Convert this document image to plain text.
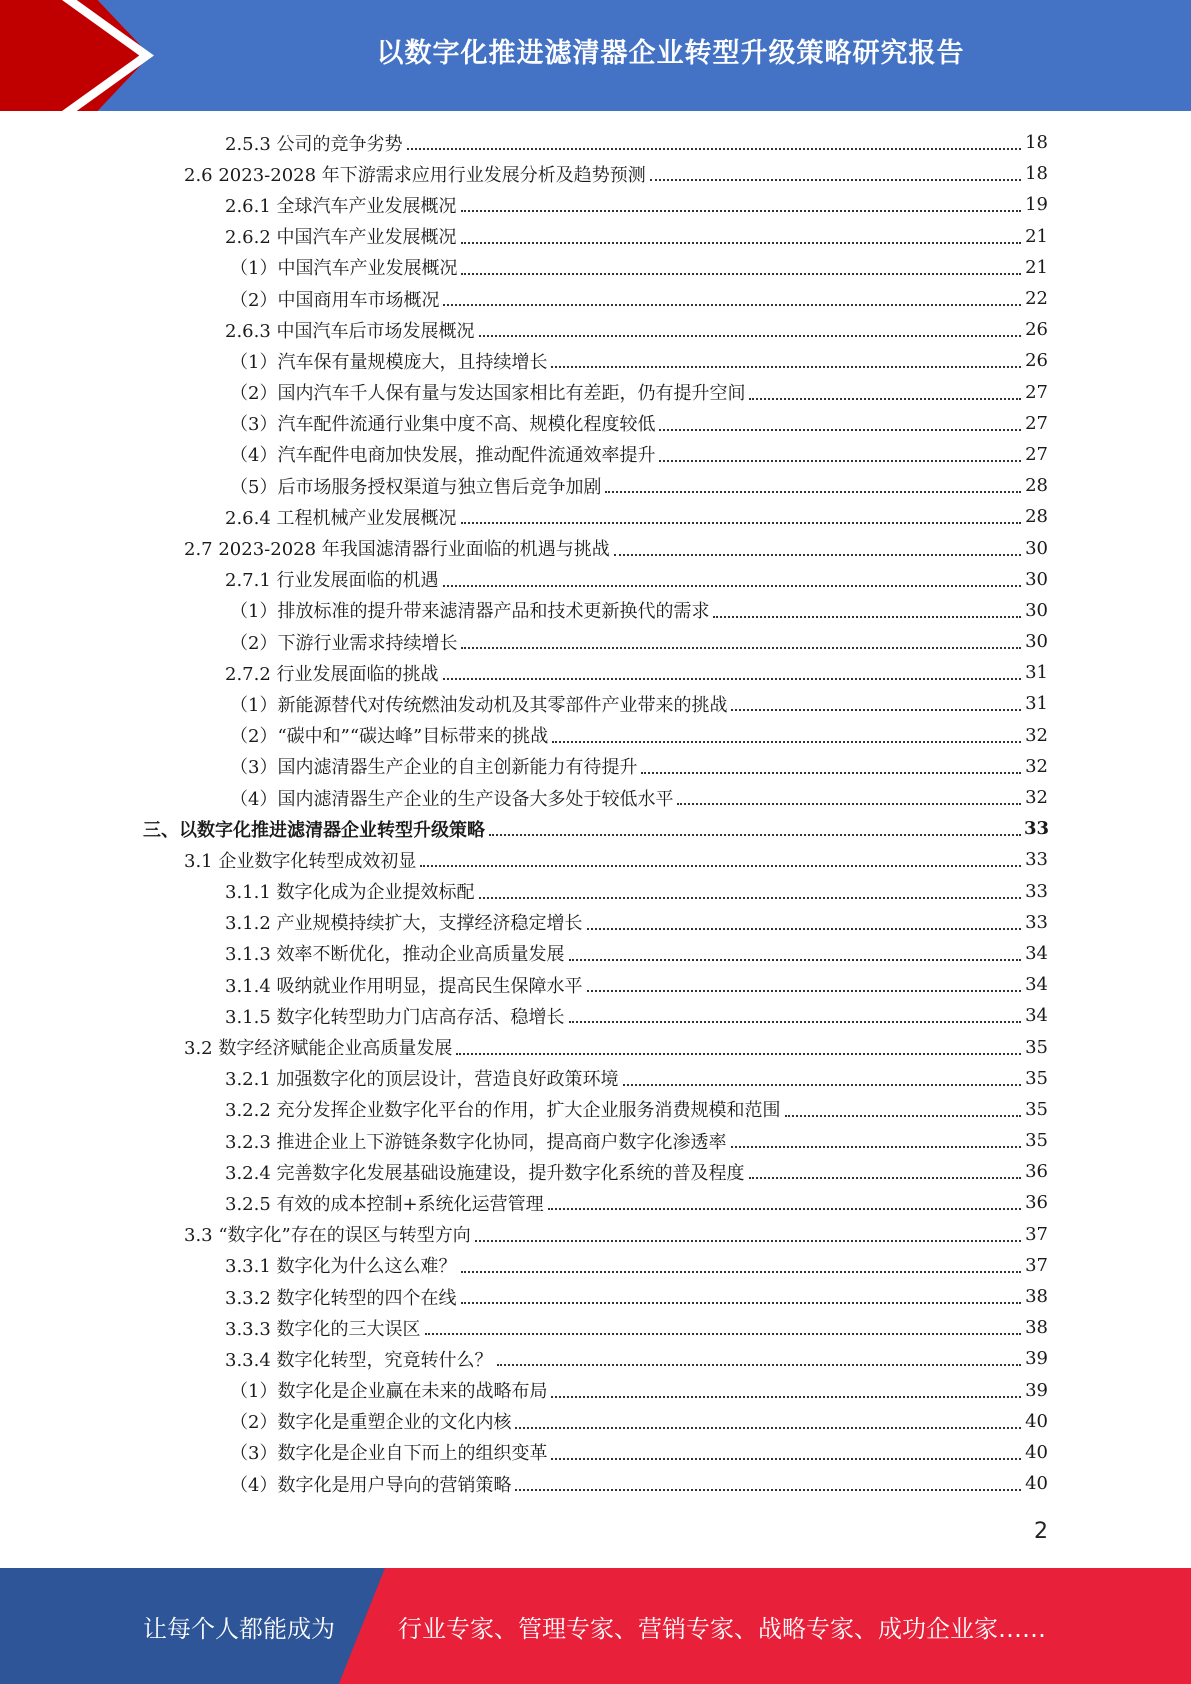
以数字化推进滤清器企业转型升级策略研究报告
2.5.3 公司的竞争劣势	18
2.6 2023-2028 年下游需求应用行业发展分析及趋势预测	18
2.6.1 全球汽车产业发展概况	19
2.6.2 中国汽车产业发展概况	21
（1）中国汽车产业发展概况	21
（2）中国商用车市场概况	22
2.6.3 中国汽车后市场发展概况	26
（1）汽车保有量规模庞大，且持续增长	26
（2）国内汽车千人保有量与发达国家相比有差距，仍有提升空间	27
（3）汽车配件流通行业集中度不高、规模化程度较低	27
（4）汽车配件电商加快发展，推动配件流通效率提升	27
（5）后市场服务授权渠道与独立售后竞争加剧	28
2.6.4 工程机械产业发展概况	28
2.7 2023-2028 年我国滤清器行业面临的机遇与挑战	30
2.7.1 行业发展面临的机遇	30
（1）排放标准的提升带来滤清器产品和技术更新换代的需求	30
（2）下游行业需求持续增长	30
2.7.2 行业发展面临的挑战	31
（1）新能源替代对传统燃油发动机及其零部件产业带来的挑战	31
（2）“碳中和”“碳达峰”目标带来的挑战	32
（3）国内滤清器生产企业的自主创新能力有待提升	32
（4）国内滤清器生产企业的生产设备大多处于较低水平	32
三、以数字化推进滤清器企业转型升级策略	33
3.1 企业数字化转型成效初显	33
3.1.1 数字化成为企业提效标配	33
3.1.2 产业规模持续扩大，支撑经济稳定增长	33
3.1.3 效率不断优化，推动企业高质量发展	34
3.1.4 吸纳就业作用明显，提高民生保障水平	34
3.1.5 数字化转型助力门店高存活、稳增长	34
3.2 数字经济赋能企业高质量发展	35
3.2.1 加强数字化的顶层设计，营造良好政策环境	35
3.2.2 充分发挥企业数字化平台的作用，扩大企业服务消费规模和范围	35
3.2.3 推进企业上下游链条数字化协同，提高商户数字化渗透率	35
3.2.4 完善数字化发展基础设施建设，提升数字化系统的普及程度	36
3.2.5 有效的成本控制+系统化运营管理	36
3.3 “数字化”存在的误区与转型方向	37
3.3.1 数字化为什么这么难？	37
3.3.2 数字化转型的四个在线	38
3.3.3 数字化的三大误区	38
3.3.4 数字化转型，究竟转什么？	39
（1）数字化是企业赢在未来的战略布局	39
（2）数字化是重塑企业的文化内核	40
（3）数字化是企业自下而上的组织变革	40
（4）数字化是用户导向的营销策略	40
2
让每个人都能成为	行业专家、管理专家、营销专家、战略专家、成功企业家……
